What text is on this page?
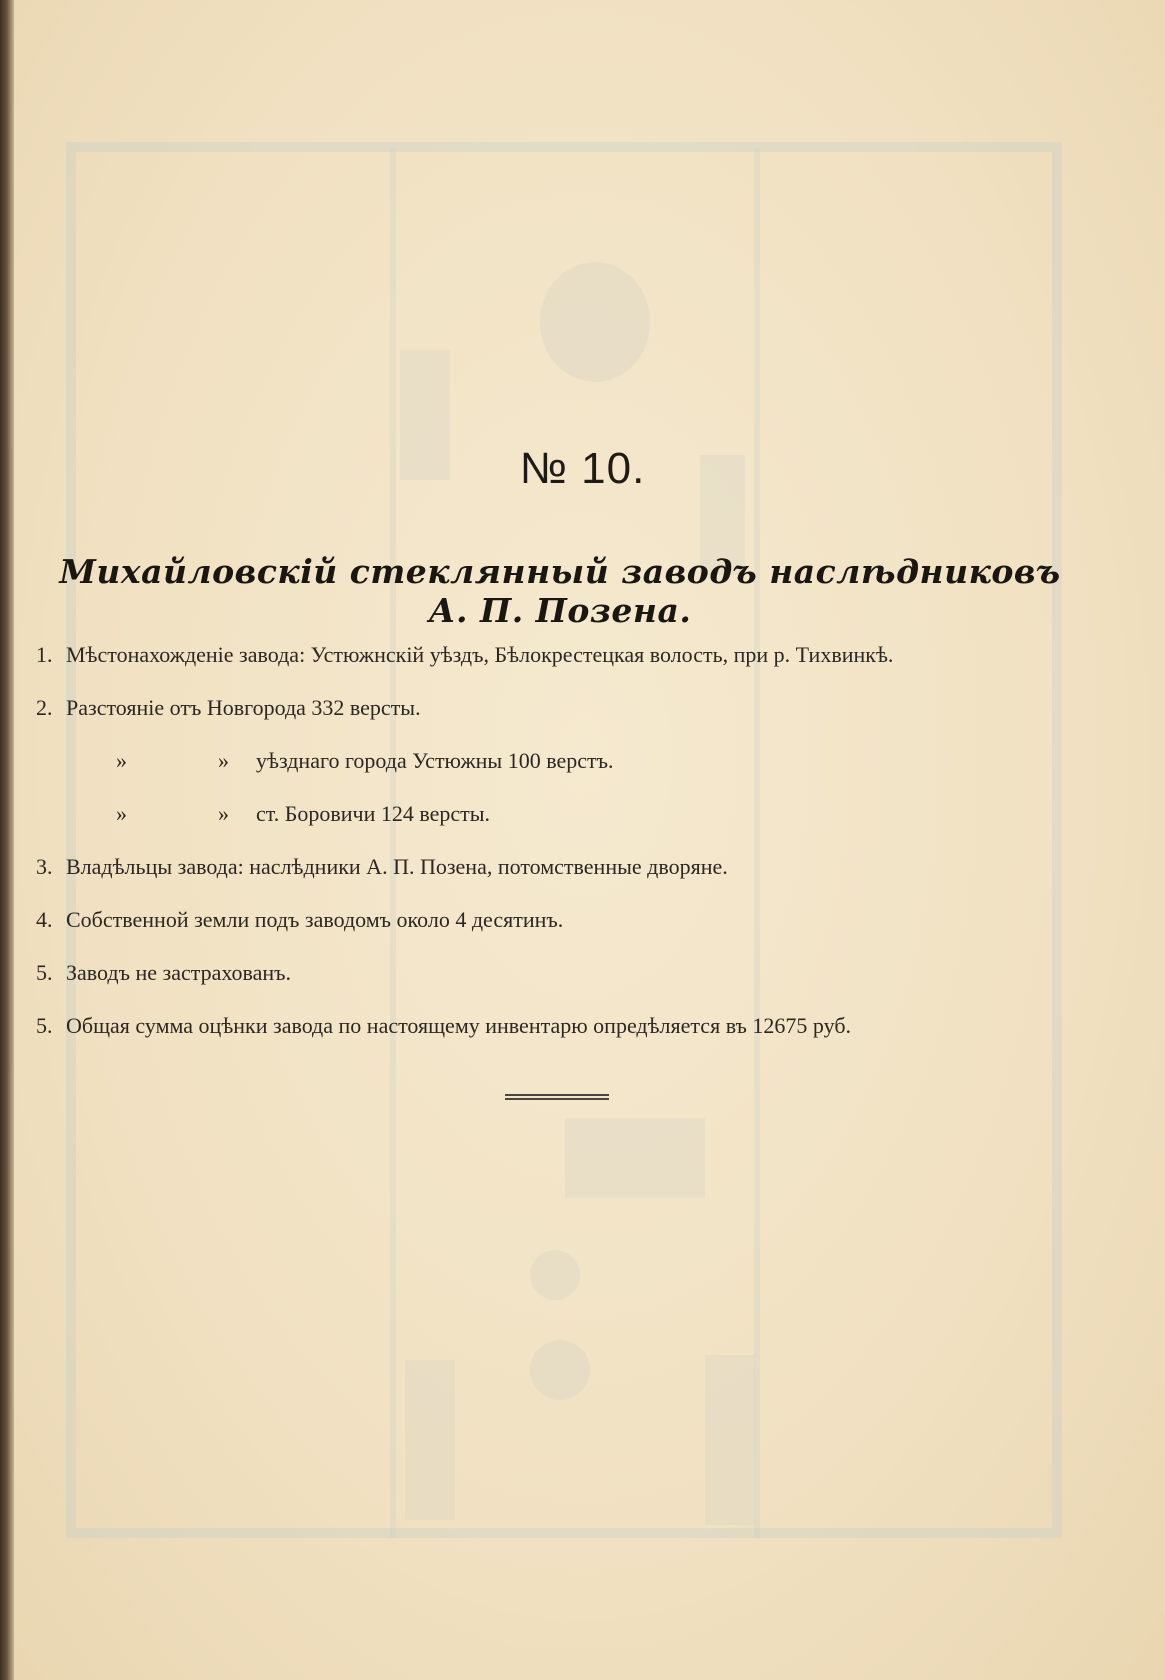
№ 10.
Михайловскій стеклянный заводъ наслѣдниковъ А. П. Позена.
1. Мѣстонахожденіе завода: Устюжнскій уѣздъ, Бѣлокрестецкая волость, при р. Тихвинкѣ.
2. Разстояніе отъ Новгорода 332 версты.
»	» уѣзднаго города Устюжны 100 верстъ.
»	» ст. Боровичи 124 версты.
3. Владѣльцы завода: наслѣдники А. П. Позена, потомственные дворяне.
4. Собственной земли подъ заводомъ около 4 десятинъ.
5. Заводъ не застрахованъ.
5. Общая сумма оцѣнки завода по настоящему инвентарю опредѣляется въ 12675 руб.
